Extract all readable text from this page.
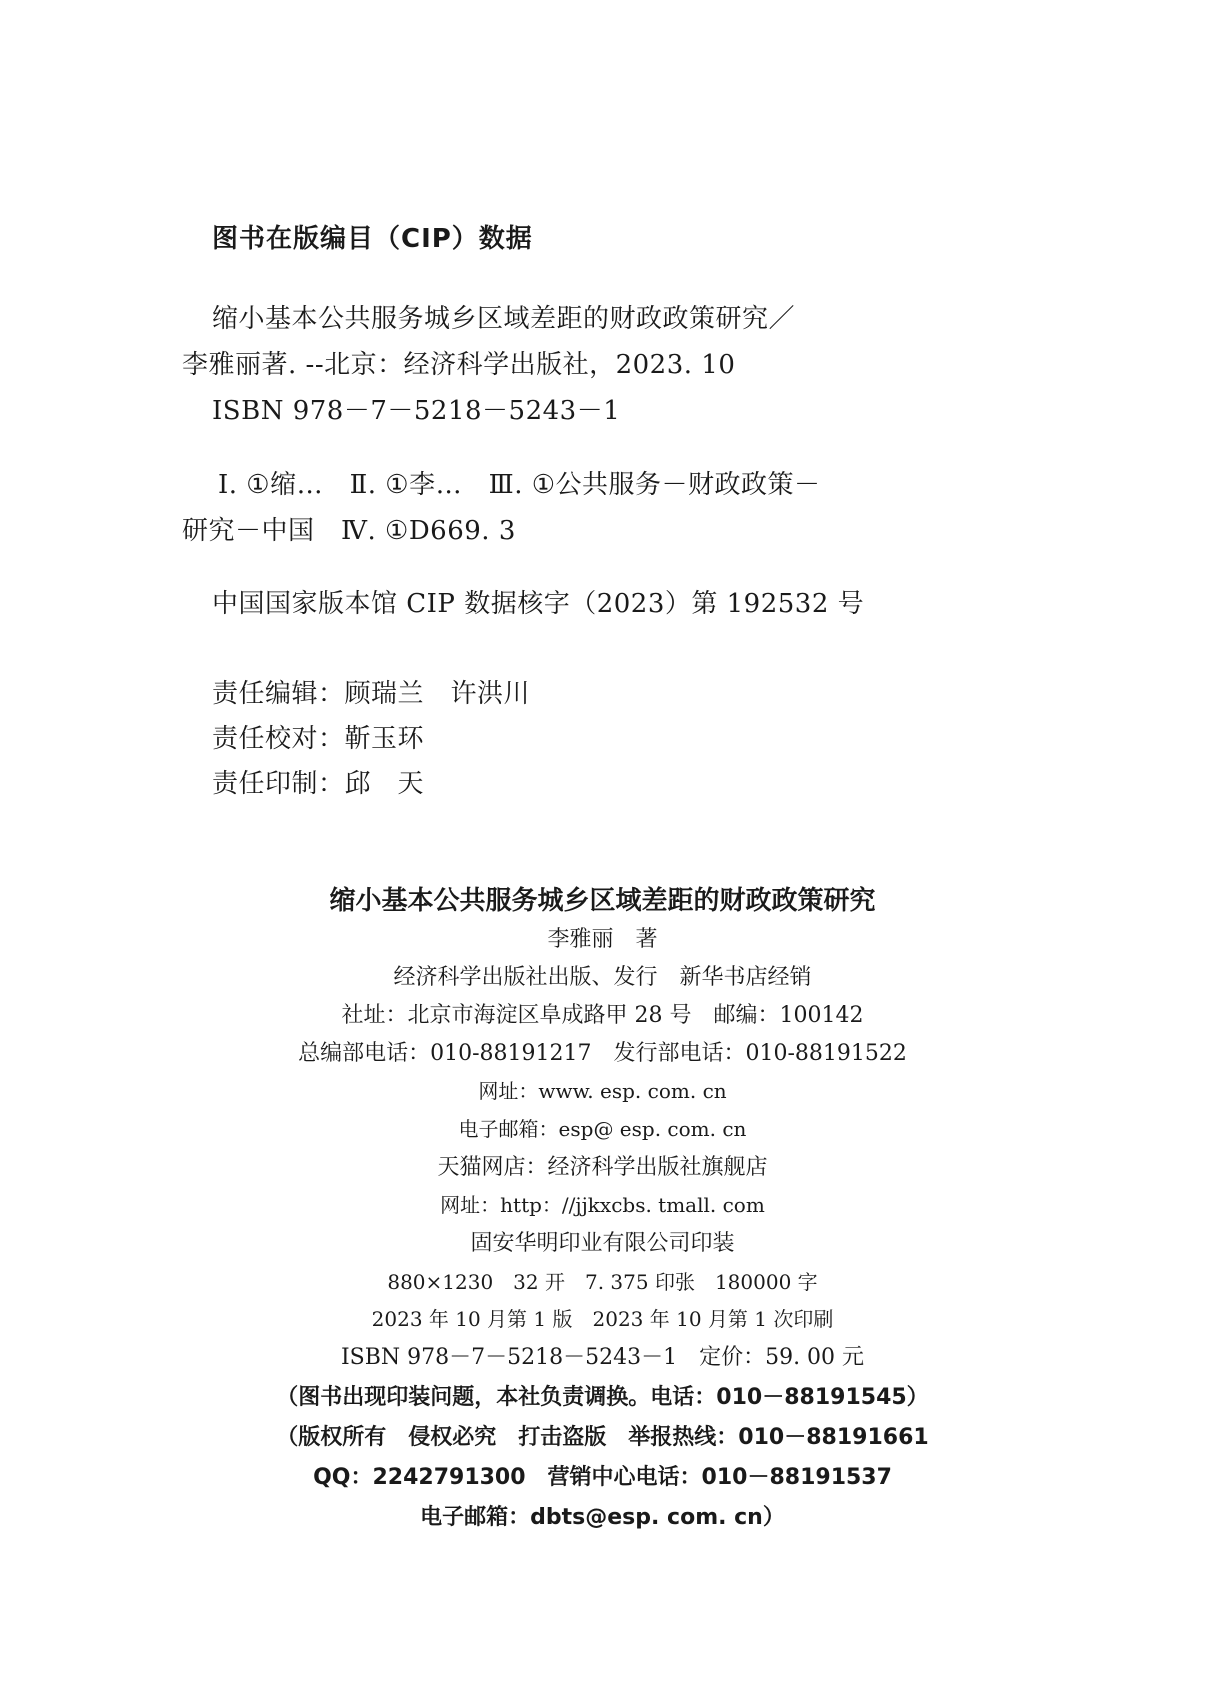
图书在版编目（CIP）数据
缩小基本公共服务城乡区域差距的财政政策研究／
李雅丽著. --北京：经济科学出版社，2023. 10
ISBN 978－7－5218－5243－1
Ⅰ. ①缩…　Ⅱ. ①李…　Ⅲ. ①公共服务－财政政策－
研究－中国　Ⅳ. ①D669. 3
中国国家版本馆 CIP 数据核字（2023）第 192532 号
责任编辑：顾瑞兰　许洪川
责任校对：靳玉环
责任印制：邱　天
缩小基本公共服务城乡区域差距的财政政策研究
李雅丽　著
经济科学出版社出版、发行　新华书店经销
社址：北京市海淀区阜成路甲 28 号　邮编：100142
总编部电话：010-88191217　发行部电话：010-88191522
网址：www. esp. com. cn
电子邮箱：esp@ esp. com. cn
天猫网店：经济科学出版社旗舰店
网址：http：//jjkxcbs. tmall. com
固安华明印业有限公司印装
880×1230　32 开　7. 375 印张　180000 字
2023 年 10 月第 1 版　2023 年 10 月第 1 次印刷
ISBN 978－7－5218－5243－1　定价：59. 00 元
（图书出现印装问题，本社负责调换。电话：010－88191545）
（版权所有　侵权必究　打击盗版　举报热线：010－88191661
QQ：2242791300　营销中心电话：010－88191537
电子邮箱：dbts@esp. com. cn）
